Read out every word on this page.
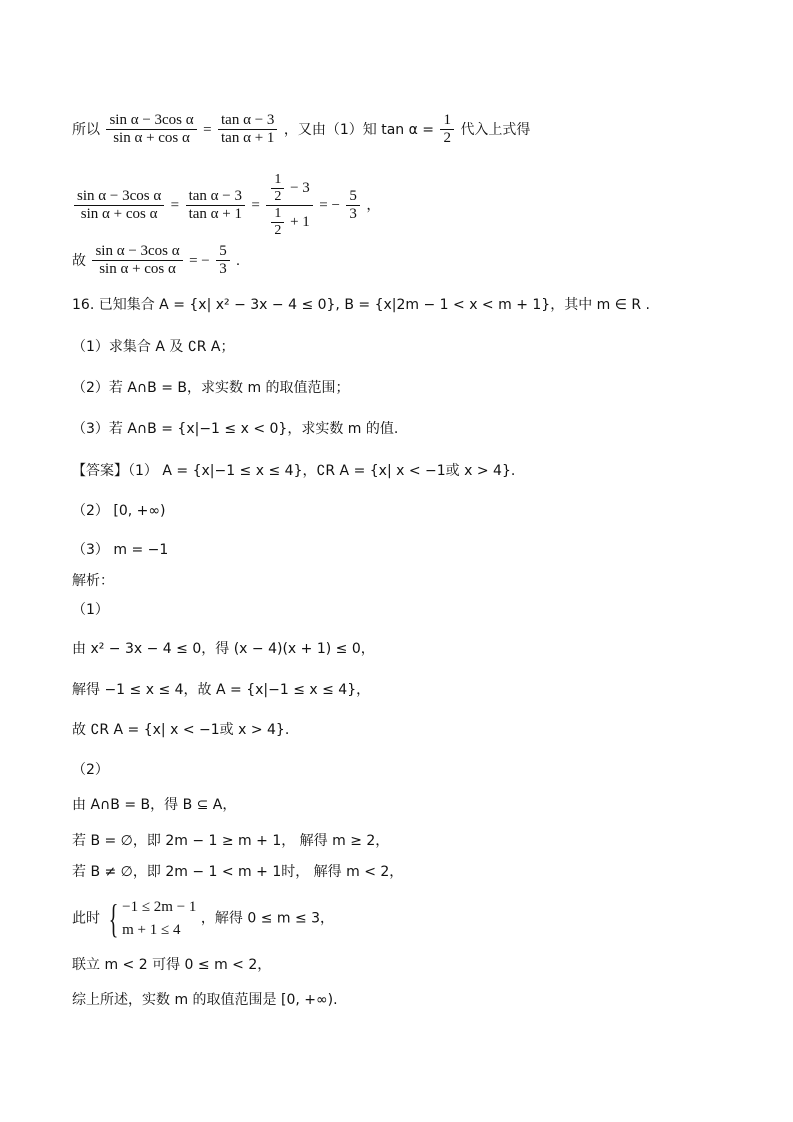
所以 $\frac{\text{sin α − 3cos α}}{\text{sin α + cos α}} = \frac{\text{tan α − 3}}{\text{tan α + 1}}$ ，又由（1）知 $\tan \alpha = \frac{1}{2}$ 代入上式得
$\frac{\text{sin α − 3cos α}}{\text{sin α + cos α}} = \frac{\text{tan α − 3}}{\text{tan α + 1}} = \frac{\frac{1}{2} - 3}{\frac{1}{2} + 1}$ = − $\frac{5}{3}$ ，
故 $\frac{\text{sin α − 3cos α}}{\text{sin α + cos α}}$ = − $\frac{5}{3}$ .
16. 已知集合 A = {x| x² − 3x − 4 ≤ 0}, B = {x|2m − 1 < x < m + 1}，其中 m ∈ R .
（1）求集合 A 及 ∁R A；
（2）若 A∩B = B，求实数 m 的取值范围；
（3）若 A∩B = {x|−1 ≤ x < 0}，求实数 m 的值.
【答案】（1） A = {x|−1 ≤ x ≤ 4}，∁R A = {x| x < −1或 x > 4}.
（2） [0, +∞)
（3） m = −1
解析：
（1）
由 x² − 3x − 4 ≤ 0，得 (x − 4)(x + 1) ≤ 0，
解得 −1 ≤ x ≤ 4，故 A = {x|−1 ≤ x ≤ 4}，
故 ∁R A = {x| x < −1或 x > 4}.
（2）
由 A∩B = B，得 B ⊆ A，
若 B = ∅，即 2m − 1 ≥ m + 1， 解得 m ≥ 2，
若 B ≠ ∅，即 2m − 1 < m + 1时， 解得 m < 2，
此时 { −1 ≤ 2m − 1
m + 1 ≤ 4
，解得 0 ≤ m ≤ 3，
联立 m < 2 可得 0 ≤ m < 2，
综上所述，实数 m 的取值范围是 [0, +∞).
